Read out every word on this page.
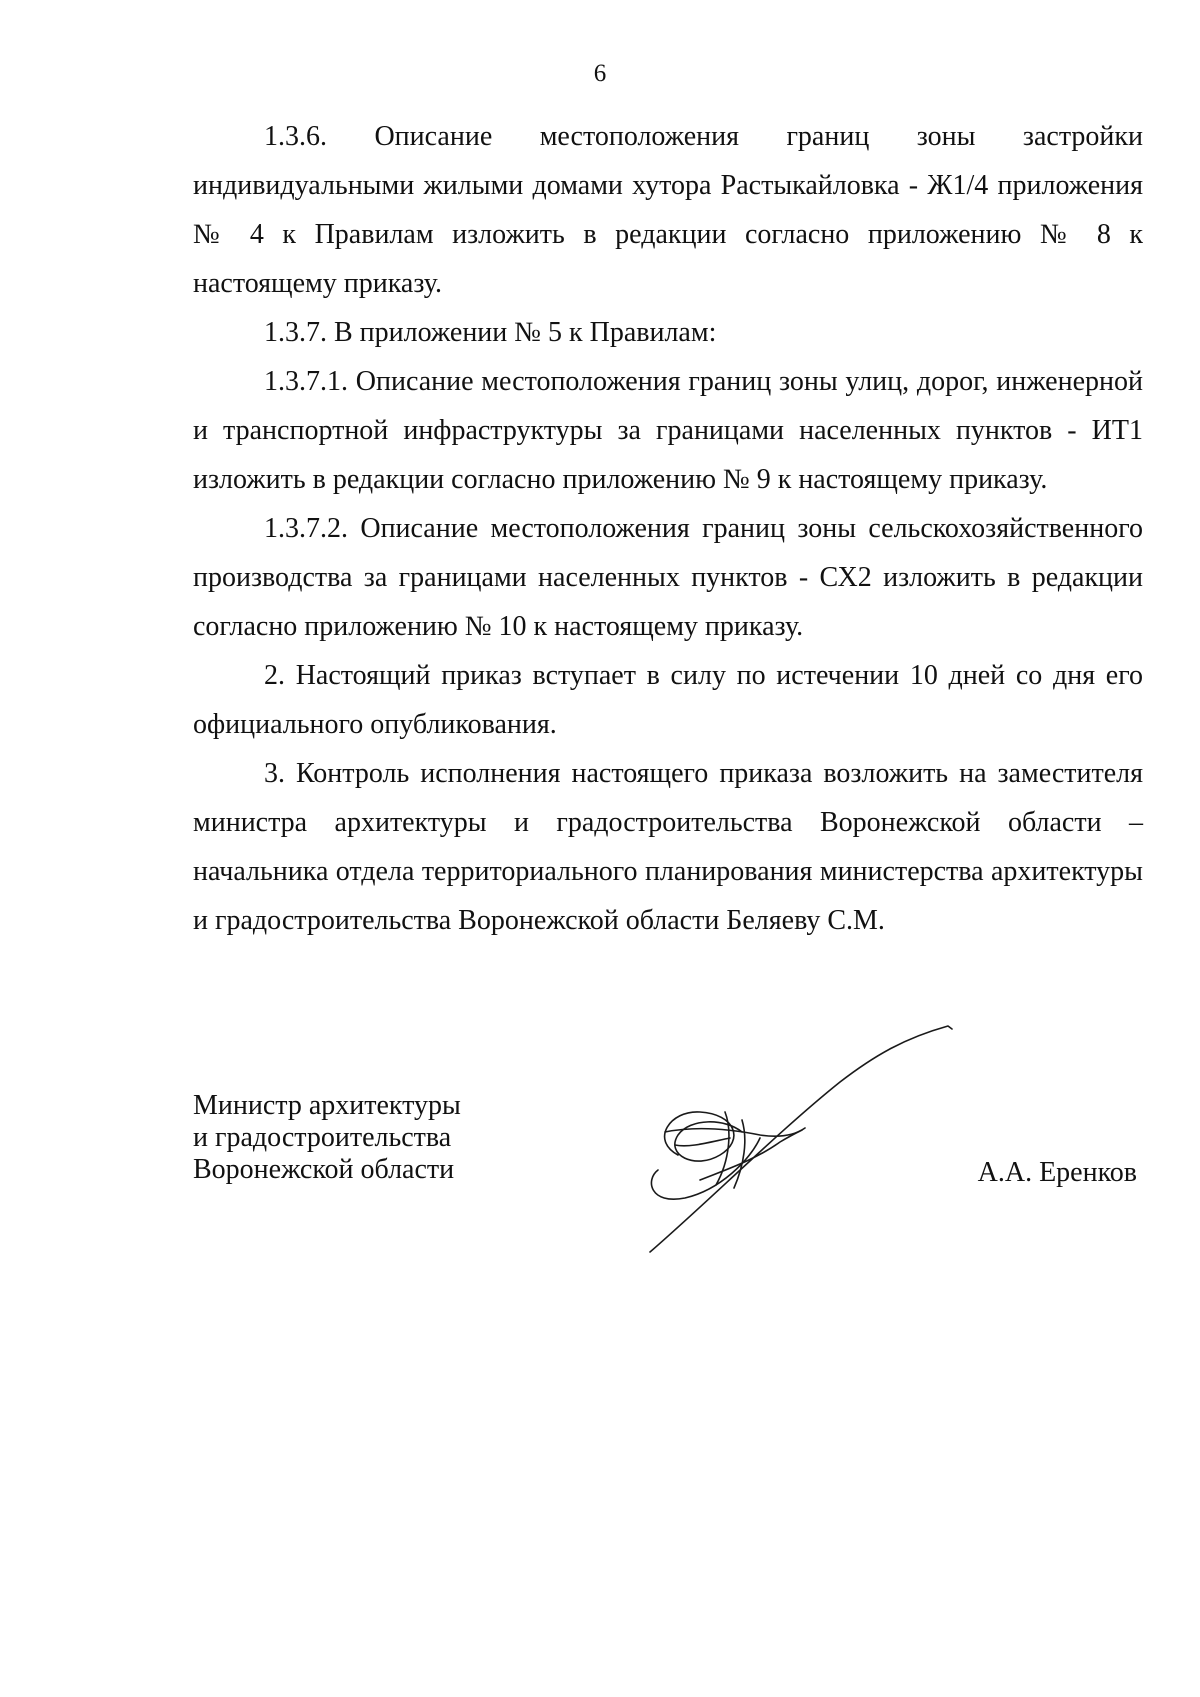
6

1.3.6. Описание местоположения границ зоны застройки индивидуальными жилыми домами хутора Растыкайловка - Ж1/4 приложения № 4 к Правилам изложить в редакции согласно приложению № 8 к настоящему приказу.

1.3.7. В приложении № 5 к Правилам:

1.3.7.1. Описание местоположения границ зоны улиц, дорог, инженерной и транспортной инфраструктуры за границами населенных пунктов - ИТ1 изложить в редакции согласно приложению № 9 к настоящему приказу.

1.3.7.2. Описание местоположения границ зоны сельскохозяйственного производства за границами населенных пунктов - СХ2 изложить в редакции согласно приложению № 10 к настоящему приказу.

2. Настоящий приказ вступает в силу по истечении 10 дней со дня его официального опубликования.

3. Контроль исполнения настоящего приказа возложить на заместителя министра архитектуры и градостроительства Воронежской области – начальника отдела территориального планирования министерства архитектуры и градостроительства Воронежской области Беляеву С.М.

Министр архитектуры
и градостроительства
Воронежской области	А.А. Еренков
